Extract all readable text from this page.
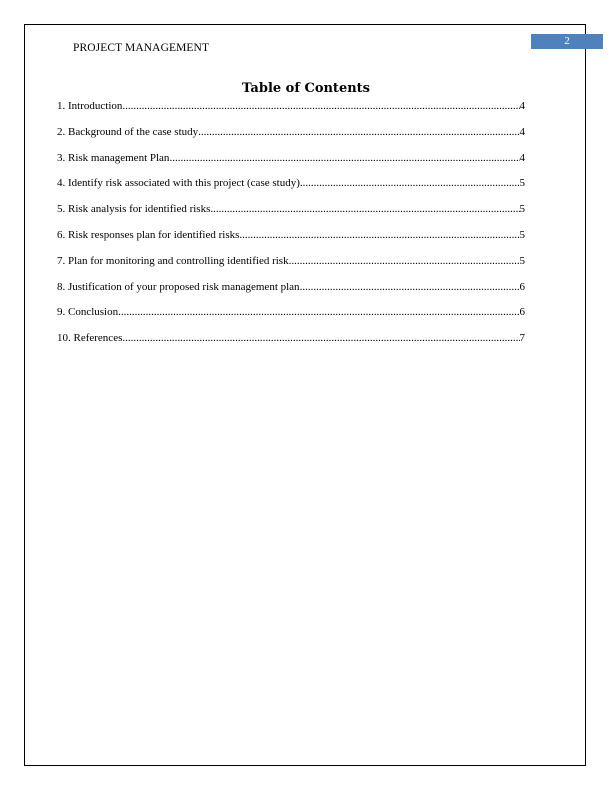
2
PROJECT MANAGEMENT
Table of Contents
1. Introduction .....	4
2. Background of the case study .....	4
3. Risk management Plan .....	4
4. Identify risk associated with this project (case study) .....	5
5. Risk analysis for identified risks .....	5
6. Risk responses plan for identified risks .....	5
7. Plan for monitoring and controlling identified risk .....	5
8. Justification of your proposed risk management plan .....	6
9. Conclusion .....	6
10. References .....	7
